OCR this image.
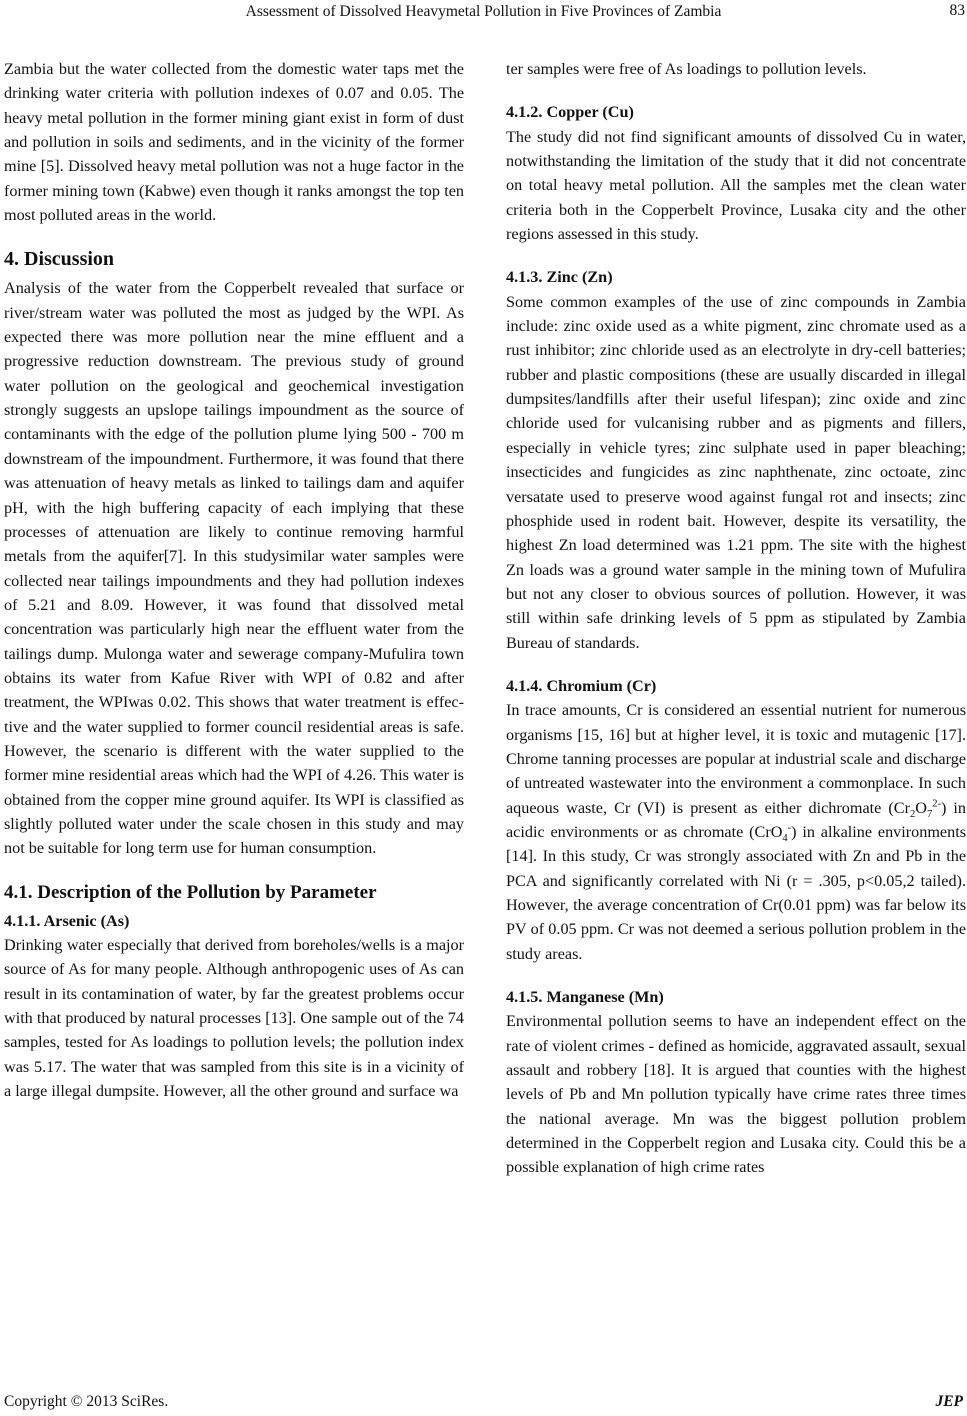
Assessment of Dissolved Heavymetal Pollution in Five Provinces of Zambia	83

Zambia but the water collected from the domestic water taps met the drinking water criteria with pollution indexes of 0.07 and 0.05. The heavy metal pollution in the former mining giant exist in form of dust and pollution in soils and sediments, and in the vicinity of the former mine [5]. Dissolved heavy metal pollution was not a huge factor in the former mining town (Kabwe) even though it ranks amongst the top ten most polluted areas in the world.

4. Discussion

Analysis of the water from the Copperbelt revealed that surface or river/stream water was polluted the most as judged by the WPI. As expected there was more pollution near the mine effluent and a progressive reduction downstream. The previous study of ground water pollution on the geological and geochemical investigation strongly suggests an upslope tailings impoundment as the source of contaminants with the edge of the pollution plume lying 500 - 700 m downstream of the impoundment. Furthermore, it was found that there was attenuation of heavy metals as linked to tailings dam and aquifer pH, with the high buffering capacity of each implying that these processes of attenuation are likely to continue removing harmful metals from the aquifer[7]. In this studysimilar water samples were collected near tailings impoundments and they had pollution indexes of 5.21 and 8.09. However, it was found that dissolved metal concentration was particularly high near the effluent water from the tailings dump. Mulonga water and sewerage company-Mufulira town obtains its water from Kafue River with WPI of 0.82 and after treatment, the WPIwas 0.02. This shows that water treatment is effective and the water supplied to former council residential areas is safe. However, the scenario is different with the water supplied to the former mine residential areas which had the WPI of 4.26. This water is obtained from the copper mine ground aquifer. Its WPI is classified as slightly polluted water under the scale chosen in this study and may not be suitable for long term use for human consumption.

4.1. Description of the Pollution by Parameter
4.1.1. Arsenic (As)

Drinking water especially that derived from boreholes/wells is a major source of As for many people. Although anthropogenic uses of As can result in its contamination of water, by far the greatest problems occur with that produced by natural processes [13]. One sample out of the 74 samples, tested for As loadings to pollution levels; the pollution index was 5.17. The water that was sampled from this site is in a vicinity of a large illegal dumpsite. However, all the other ground and surface wa

ter samples were free of As loadings to pollution levels.

4.1.2. Copper (Cu)

The study did not find significant amounts of dissolved Cu in water, notwithstanding the limitation of the study that it did not concentrate on total heavy metal pollution. All the samples met the clean water criteria both in the Copperbelt Province, Lusaka city and the other regions assessed in this study.

4.1.3. Zinc (Zn)

Some common examples of the use of zinc compounds in Zambia include: zinc oxide used as a white pigment, zinc chromate used as a rust inhibitor; zinc chloride used as an electrolyte in dry-cell batteries; rubber and plastic compositions (these are usually discarded in illegal dumpsites/landfills after their useful lifespan); zinc oxide and zinc chloride used for vulcanising rubber and as pigments and fillers, especially in vehicle tyres; zinc sulphate used in paper bleaching; insecticides and fungicides as zinc naphthenate, zinc octoate, zinc versatate used to preserve wood against fungal rot and insects; zinc phosphide used in rodent bait. However, despite its versatility, the highest Zn load determined was 1.21 ppm. The site with the highest Zn loads was a ground water sample in the mining town of Mufulira but not any closer to obvious sources of pollution. However, it was still within safe drinking levels of 5 ppm as stipulated by Zambia Bureau of standards.

4.1.4. Chromium (Cr)

In trace amounts, Cr is considered an essential nutrient for numerous organisms [15, 16] but at higher level, it is toxic and mutagenic [17]. Chrome tanning processes are popular at industrial scale and discharge of untreated wastewater into the environment a commonplace. In such aqueous waste, Cr (VI) is present as either dichromate $(Cr_2O_7^{2-})$ in acidic environments or as chromate (CrO$_4$-) in alkaline environments [14]. In this study, Cr was strongly associated with Zn and Pb in the PCA and significantly correlated with Ni (r = .305, p<0.05,2 tailed). However, the average concentration of Cr(0.01 ppm) was far below its PV of 0.05 ppm. Cr was not deemed a serious pollution problem in the study areas.

4.1.5. Manganese (Mn)

Environmental pollution seems to have an independent effect on the rate of violent crimes - defined as homicide, aggravated assault, sexual assault and robbery [18]. It is argued that counties with the highest levels of Pb and Mn pollution typically have crime rates three times the national average. Mn was the biggest pollution problem determined in the Copperbelt region and Lusaka city. Could this be a possible explanation of high crime rates

Copyright © 2013 SciRes.	JEP
